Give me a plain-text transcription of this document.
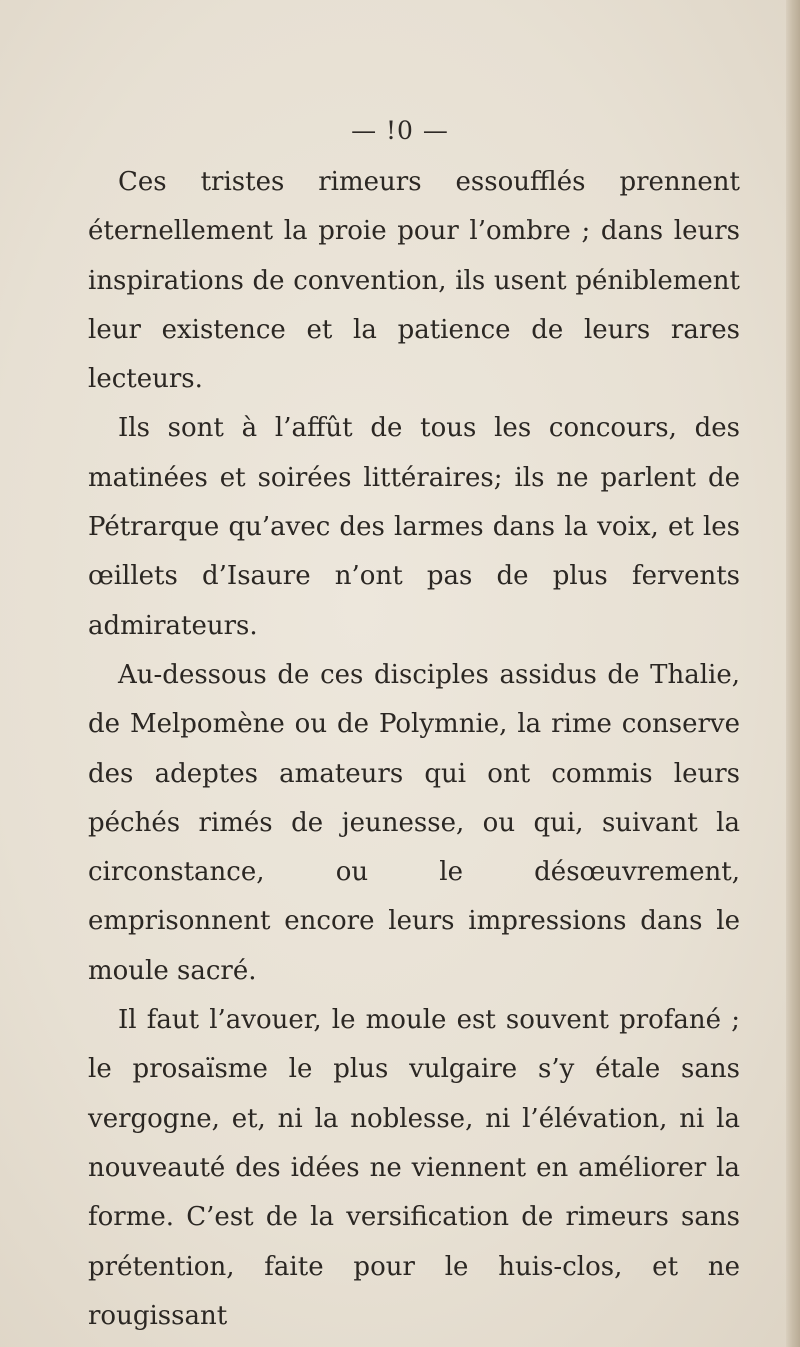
— !0 —

Ces tristes rimeurs essoufflés prennent éternellement la proie pour l’ombre ; dans leurs inspirations de convention, ils usent péniblement leur existence et la patience de leurs rares lecteurs.

Ils sont à l’affût de tous les concours, des matinées et soirées littéraires; ils ne parlent de Pétrarque qu’avec des larmes dans la voix, et les œillets d’Isaure n’ont pas de plus fervents admirateurs.

Au-dessous de ces disciples assidus de Thalie, de Melpomène ou de Polymnie, la rime conserve des adeptes amateurs qui ont commis leurs péchés rimés de jeunesse, ou qui, suivant la circonstance, ou le désœuvrement, emprisonnent encore leurs impressions dans le moule sacré.

Il faut l’avouer, le moule est souvent profané ; le prosaïsme le plus vulgaire s’y étale sans vergogne, et, ni la noblesse, ni l’élévation, ni la nouveauté des idées ne viennent en améliorer la forme. C’est de la versification de rimeurs sans prétention, faite pour le huis-clos, et ne rougissant
